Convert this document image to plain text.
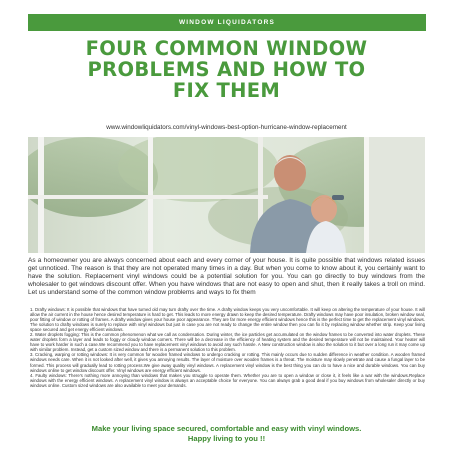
WINDOW LIQUIDATORS
FOUR COMMON WINDOW
PROBLEMS AND HOW TO
FIX THEM
www.windowliquidators.com/vinyl-windows-best-option-hurricane-window-replacement

As a homeowner you are always concerned about each and every corner of your house. It is quite possible that windows related issues get unnoticed. The reason is that they are not operated many times in a day. But when you come to know about it, you certainly want to have the solution. Replacement vinyl windows could be a potential solution for you. You can go directly to buy windows from the wholesaler to get windows discount offer. When you have windows that are not easy to open and shut, then it really takes a troll on mind. Let us understand some of the common window problems and ways to fix them

1. Drafty windows: It is possible that windows that have turned old may turn drafty over the time. A drafty window keeps you very uncomfortable. It will keep on altering the temperature of your house. It will allow the air current in the house hence desired temperature is hard to get. This leads to more energy drawn to keep the desired temperature. Drafty windows may have poor insulation, broken window seal, poor fitting of window or rotting of frames. A drafty window gives your house poor appearance. They are far more energy efficient windows hence this is the perfect time to get the replacement vinyl windows. The solution to drafty windows is surely to replace with vinyl windows but just in case you are not ready to change the entire window then you can fix it by replacing window whether strip. Keep your living space secured and get energy efficient windows.
2. Water droplets fogging: This is the common phenomenon what we call as condensation. During winter, the ice particles get accumulated on the window frames to be converted into water droplets. These water droplets form a layer and leads to foggy or cloudy window corners. There will be a decrease in the efficiency of heating system and the desired temperature will not be maintained. Your heater will have to work harder in such a case.We recommend you to have replacement vinyl windows to avoid any such hassle. A New construction window is also the solution to it but over a long run it may come up with similar problem. Instead, get a custom sized window and there is a permanent solution to this problem.
3. Cracking, warping or rotting windows: It is very common for wooden framed windows to undergo cracking or rotting. This mainly occurs due to sudden difference in weather condition. A wooden framed windows needs care. When it is not looked after well, it gives you annoying results. The layer of moisture over wooden frames is a threat. The moisture may slowly penetrate and cause a fungal layer to be formed. This process will gradually lead to rotting process.We give away quality vinyl windows. A replacement vinyl window is the best thing you can do to have a nice and durable windows. You can buy windows online to get window discount offer. Vinyl windows are energy efficient windows.
4. Faulty windows: There's nothing more annoying than windows that makes you struggle to operate them. Whether you are to open a window or close it, it feels like a war with the windows.Replace windows with the energy efficient windows. A replacement vinyl window is always an acceptable choice for everyone. You can always grab a good deal if you buy windows from wholesaler directly or buy windows online. Custom sized windows are also available to meet your demands.
Make your living space secured, comfortable and easy with vinyl windows.
Happy living to you !!
